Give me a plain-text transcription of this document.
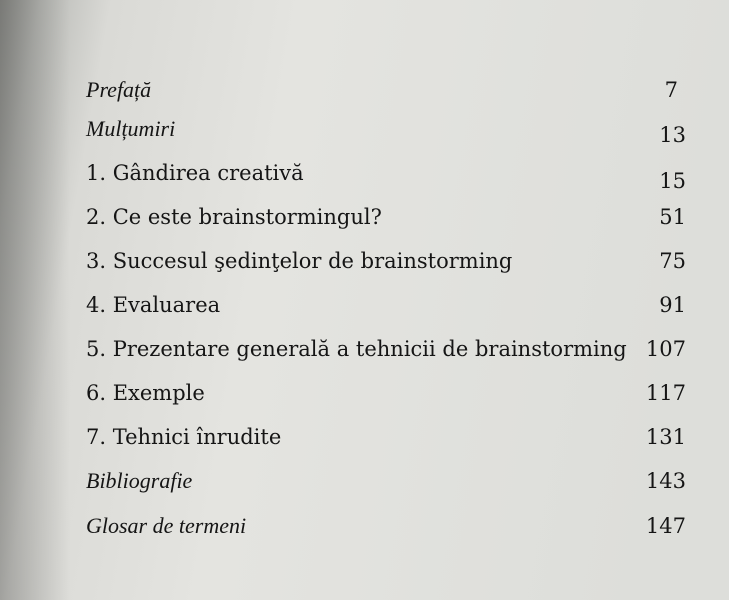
Prefață	7
Mulțumiri	13
1. Gândirea creativă	15
2. Ce este brainstormingul?	51
3. Succesul şedinţelor de brainstorming	75
4. Evaluarea	91
5. Prezentare generală a tehnicii de brainstorming 107
6. Exemple	117
7. Tehnici înrudite	131
Bibliografie	143
Glosar de termeni	147
